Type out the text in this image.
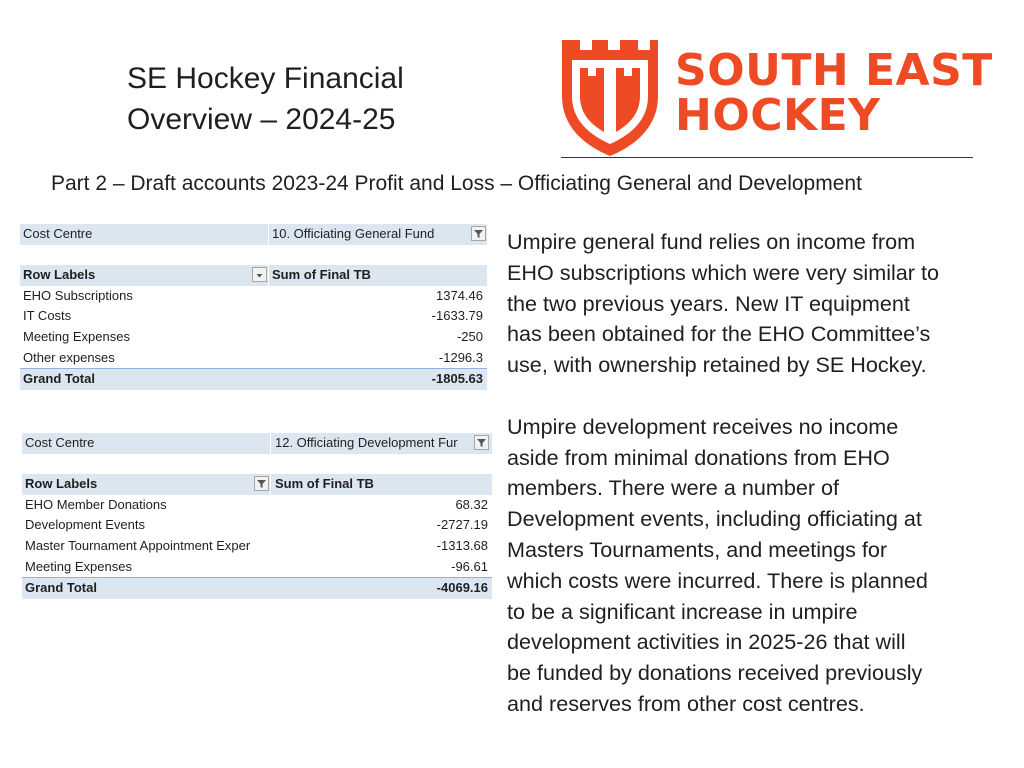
SE Hockey Financial
Overview – 2024-25
SOUTH EAST
HOCKEY
Part 2 – Draft accounts 2023-24 Profit and Loss – Officiating General and Development
Cost Centre	10. Officiating General Fund
Row Labels	Sum of Final TB
EHO Subscriptions	1374.46
IT Costs	-1633.79
Meeting Expenses	-250
Other expenses	-1296.3
Grand Total	-1805.63
Cost Centre	12. Officiating Development Fur
Row Labels	Sum of Final TB
EHO Member Donations	68.32
Development Events	-2727.19
Master Tournament Appointment Exper	-1313.68
Meeting Expenses	-96.61
Grand Total	-4069.16
Umpire general fund relies on income from
EHO subscriptions which were very similar to
the two previous years. New IT equipment
has been obtained for the EHO Committee’s
use, with ownership retained by SE Hockey.
Umpire development receives no income
aside from minimal donations from EHO
members. There were a number of
Development events, including officiating at
Masters Tournaments, and meetings for
which costs were incurred. There is planned
to be a significant increase in umpire
development activities in 2025-26 that will
be funded by donations received previously
and reserves from other cost centres.
